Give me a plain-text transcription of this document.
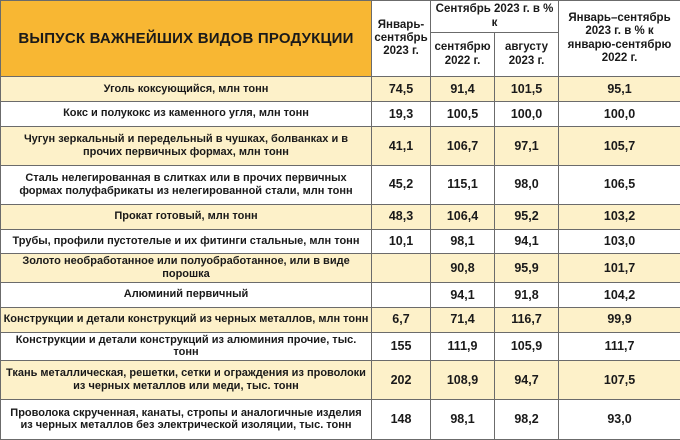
ВЫПУСК ВАЖНЕЙШИХ ВИДОВ ПРОДУКЦИИ	Январь-сентябрь 2023 г.	Сентябрь 2023 г. в % к		Январь–сентябрь 2023 г. в % к январю-сентябрю 2022 г.
		сентябрю 2022 г.	августу 2023 г.	
Уголь коксующийся, млн тонн	74,5	91,4	101,5	95,1
Кокс и полукокс из каменного угля, млн тонн	19,3	100,5	100,0	100,0
Чугун зеркальный и передельный в чушках, болванках и в прочих первичных формах, млн тонн	41,1	106,7	97,1	105,7
Сталь нелегированная в слитках или в прочих первичных формах полуфабрикаты из нелегированной стали, млн тонн	45,2	115,1	98,0	106,5
Прокат готовый, млн тонн	48,3	106,4	95,2	103,2
Трубы, профили пустотелые и их фитинги стальные, млн тонн	10,1	98,1	94,1	103,0
Золото необработанное или полуобработанное, или в виде порошка		90,8	95,9	101,7
Алюминий первичный		94,1	91,8	104,2
Конструкции и детали конструкций из черных металлов, млн тонн	6,7	71,4	116,7	99,9
Конструкции и детали конструкций из алюминия прочие, тыс. тонн	155	111,9	105,9	111,7
Ткань металлическая, решетки, сетки и ограждения из проволоки из черных металлов или меди, тыс. тонн	202	108,9	94,7	107,5
Проволока скрученная, канаты, стропы и аналогичные изделия из черных металлов без электрической изоляции, тыс. тонн	148	98,1	98,2	93,0
